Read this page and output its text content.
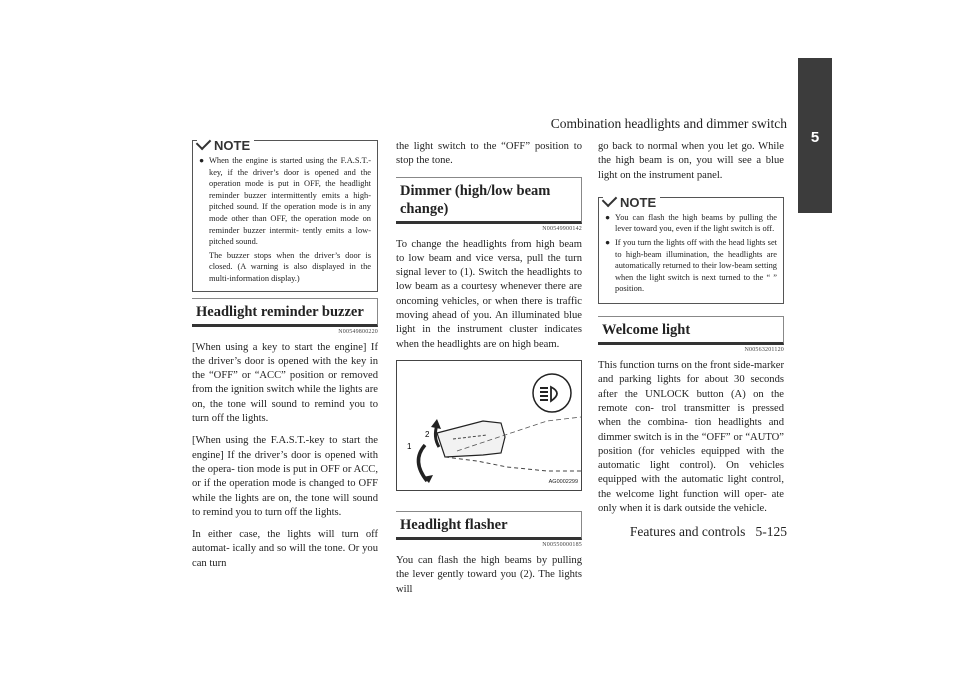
Combination headlights and dimmer switch
5
NOTE
● When the engine is started using the F.A.S.T.-key, if the driver’s door is opened and the operation mode is put in OFF, the headlight reminder buzzer intermittently emits a high-pitched sound. If the operation mode is in any mode other than OFF, the operation mode on reminder buzzer intermit- tently emits a low-pitched sound.
The buzzer stops when the driver’s door is closed. (A warning is also displayed in the multi-information display.)
Headlight reminder buzzer
N00549800220

[When using a key to start the engine] If the driver’s door is opened with the key in the “OFF” or “ACC” position or removed from the ignition switch while the lights are on, the tone will sound to remind you to turn off the lights.

[When using the F.A.S.T.-key to start the engine] If the driver’s door is opened with the opera- tion mode is put in OFF or ACC, or if the operation mode is changed to OFF while the lights are on, the tone will sound to remind you to turn off the lights.

In either case, the lights will turn off automat- ically and so will the tone. Or you can turn

the light switch to the “OFF” position to stop the tone.

Dimmer (high/low beam change)
N00549900142

To change the headlights from high beam to low beam and vice versa, pull the turn signal lever to (1). Switch the headlights to low beam as a courtesy whenever there are oncoming vehicles, or when there is traffic moving ahead of you. An illuminated blue light in the instrument cluster indicates when the headlights are on high beam.

1
2
AG0002299
Headlight flasher
N00550000185

You can flash the high beams by pulling the lever gently toward you (2). The lights will

go back to normal when you let go. While the high beam is on, you will see a blue light on the instrument panel.

NOTE
● You can flash the high beams by pulling the lever toward you, even if the light switch is off.
● If you turn the lights off with the head lights set to high-beam illumination, the headlights are automatically returned to their low-beam setting when the light switch is next turned to the “ ” position.
Welcome light
N00563201120

This function turns on the front side-marker and parking lights for about 30 seconds after the UNLOCK button (A) on the remote con- trol transmitter is pressed when the combina- tion headlights and dimmer switch is in the “OFF” or “AUTO” position (for vehicles equipped with the automatic light control). On vehicles equipped with the automatic light control, the welcome light function will oper- ate only when it is dark outside the vehicle.

Features and controls 5-125
